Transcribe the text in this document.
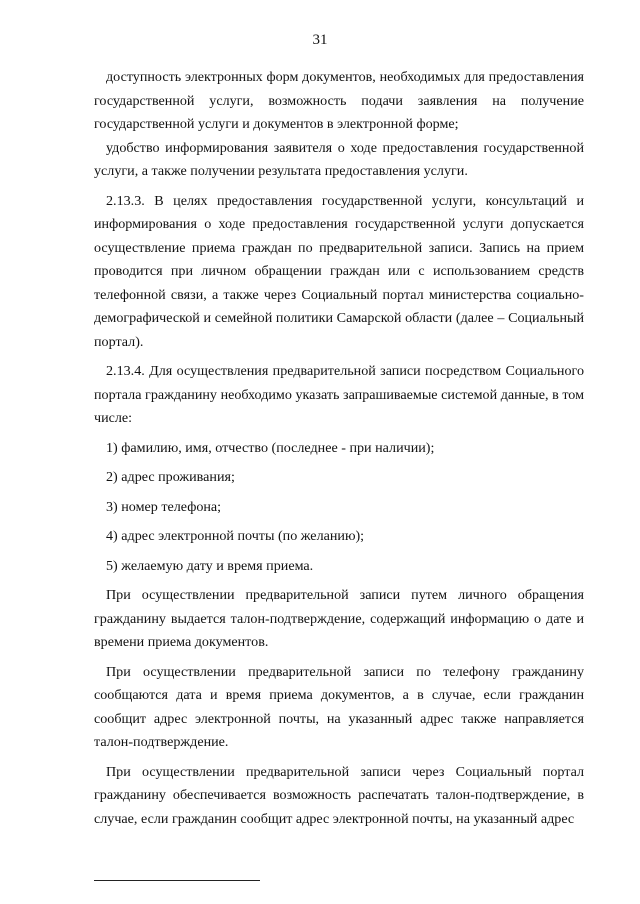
31

доступность электронных форм документов, необходимых для предоставления государственной услуги, возможность подачи заявления на получение государственной услуги и документов в электронной форме;

удобство информирования заявителя о ходе предоставления государственной услуги, а также получении результата предоставления услуги.

2.13.3. В целях предоставления государственной услуги, консультаций и информирования о ходе предоставления государственной услуги допускается осуществление приема граждан по предварительной записи. Запись на прием проводится при личном обращении граждан или с использованием средств телефонной связи, а также через Социальный портал министерства социально-демографической и семейной политики Самарской области (далее – Социальный портал).

2.13.4. Для осуществления предварительной записи посредством Социального портала гражданину необходимо указать запрашиваемые системой данные, в том числе:

1) фамилию, имя, отчество (последнее - при наличии);

2) адрес проживания;

3) номер телефона;

4) адрес электронной почты (по желанию);

5) желаемую дату и время приема.

При осуществлении предварительной записи путем личного обращения гражданину выдается талон-подтверждение, содержащий информацию о дате и времени приема документов.

При осуществлении предварительной записи по телефону гражданину сообщаются дата и время приема документов, а в случае, если гражданин сообщит адрес электронной почты, на указанный адрес также направляется талон-подтверждение.

При осуществлении предварительной записи через Социальный портал гражданину обеспечивается возможность распечатать талон-подтверждение, в случае, если гражданин сообщит адрес электронной почты, на указанный адрес
